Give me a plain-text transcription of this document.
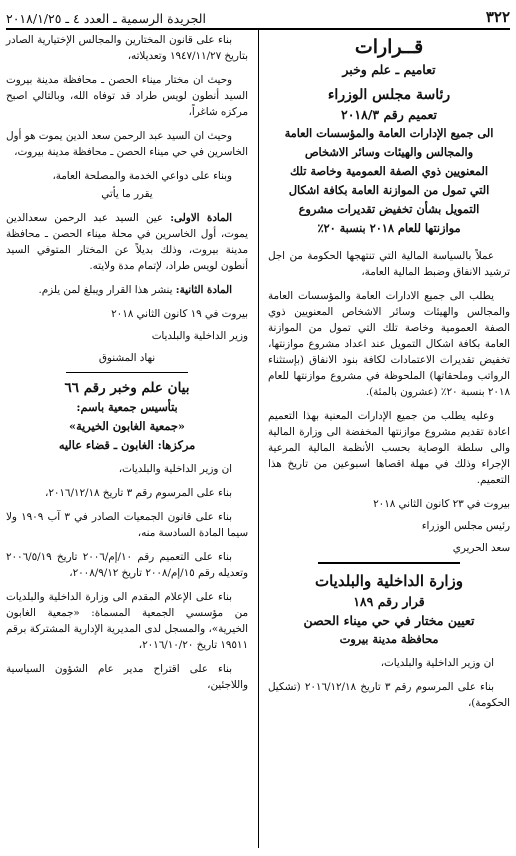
٣٢٢
الجريدة الرسمية ـ العدد ٤ ـ ٢٠١٨/١/٢٥

قــرارات

تعاميم ـ علم وخبر

رئاسة مجلس الوزراء

تعميم رقم ٢٠١٨/٣

الى جميع الإدارات العامة والمؤسسات العامة

والمجالس والهيئات وسائر الاشخاص

المعنويين ذوي الصفة العمومية وخاصة تلك

التي تمول من الموازنة العامة بكافة اشكال

التمويل بشأن تخفيض تقديرات مشروع

موازنتها للعام ٢٠١٨ بنسبة ٢٠٪

عملاً بالسياسة المالية التي تنتهجها الحكومة من اجل ترشيد الانفاق وضبط المالية العامة،

يطلب الى جميع الادارات العامة والمؤسسات العامة والمجالس والهيئات وسائر الاشخاص المعنويين ذوي الصفة العمومية وخاصة تلك التي تمول من الموازنة العامة بكافة اشكال التمويل عند اعداد مشروع موازنتها، تخفيض تقديرات الاعتمادات لكافة بنود الانفاق (بإستثناء الرواتب وملحقاتها) الملحوظة في مشروع موازنتها للعام ٢٠١٨ بنسبة ٢٠٪ (عشرون بالمئة).

وعليه يطلب من جميع الإدارات المعنية بهذا التعميم اعادة تقديم مشروع موازنتها المخفضة الى وزارة المالية والى سلطة الوصاية بحسب الأنظمة المالية المرعية الإجراء وذلك في مهلة اقصاها اسبوعين من تاريخ هذا التعميم.

بيروت في ٢٣ كانون الثاني ٢٠١٨

رئيس مجلس الوزراء

سعد الحريري

وزارة الداخلية والبلديات

قرار رقم ١٨٩

تعيين مختار في حي ميناء الحصن

محافظة مدينة بيروت

ان وزير الداخلية والبلديات،

بناء على المرسوم رقم ٣ تاريخ ٢٠١٦/١٢/١٨ (تشكيل الحكومة)،

بناء على قانون المختارين والمجالس الإختيارية الصادر بتاريخ ١٩٤٧/١١/٢٧ وتعديلاته،

وحيث ان مختار ميناء الحصن ـ محافظة مدينة بيروت السيد أنطون لويس طراد قد توفاه الله، وبالتالي اصبح مركزه شاغراً،

وحيث ان السيد عبد الرحمن سعد الدين يموت هو أول الخاسرين في حي ميناء الحصن ـ محافظة مدينة بيروت،

وبناء على دواعي الخدمة والمصلحة العامة،

يقرر ما يأتي

المادة الاولى: عين السيد عبد الرحمن سعدالدين يموت، أول الخاسرين في محلة ميناء الحصن ـ محافظة مدينة بيروت، وذلك بديلاً عن المختار المتوفي السيد أنطون لويس طراد، لإتمام مدة ولايته.

المادة الثانية: ينشر هذا القرار ويبلغ لمن يلزم.

بيروت في ١٩ كانون الثاني ٢٠١٨

وزير الداخلية والبلديات

نهاد المشنوق

بيان علم وخبر رقم ٦٦

بتأسيس جمعية باسم:

«جمعية الغابون الخيرية»

مركزها: الغابون ـ قضاء عاليه

ان وزير الداخلية والبلديات،

بناء على المرسوم رقم ٣ تاريخ ٢٠١٦/١٢/١٨،

بناء على قانون الجمعيات الصادر في ٣ آب ١٩٠٩ ولا سيما المادة السادسة منه،

بناء على التعميم رقم ١٠/إم/٢٠٠٦ تاريخ ٢٠٠٦/٥/١٩ وتعديله رقم ١٥/إم/٢٠٠٨ تاريخ ٢٠٠٨/٩/١٢،

بناء على الإعلام المقدم الى وزارة الداخلية والبلديات من مؤسسي الجمعية المسماة: «جمعية الغابون الخيرية»، والمسجل لدى المديرية الإدارية المشتركة برقم ١٩٥١١ تاريخ ٢٠١٦/١٠/٢٠،

بناء على اقتراح مدير عام الشؤون السياسية واللاجئين،
